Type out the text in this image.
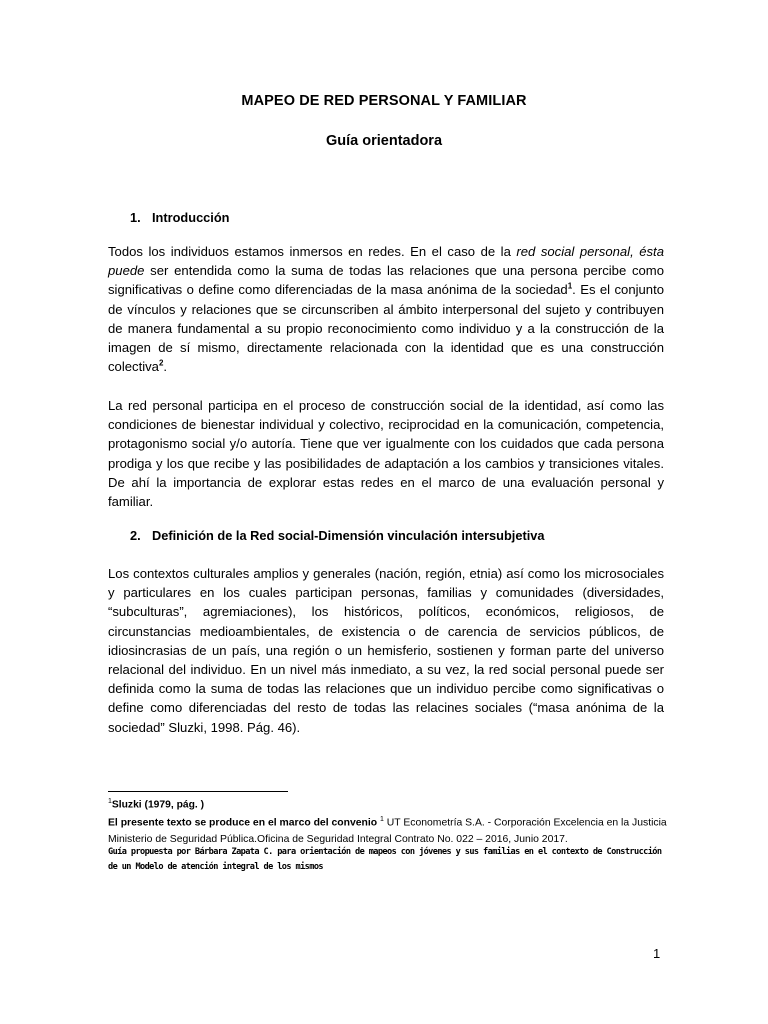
MAPEO DE RED PERSONAL Y FAMILIAR
Guía orientadora
1. Introducción

Todos los individuos estamos inmersos en redes. En el caso de la red social personal, ésta puede ser entendida como la suma de todas las relaciones que una persona percibe como significativas o define como diferenciadas de la masa anónima de la sociedad$^1$. Es el conjunto de vínculos y relaciones que se circunscriben al ámbito interpersonal del sujeto y contribuyen de manera fundamental a su propio reconocimiento como individuo y a la construcción de la imagen de sí mismo, directamente relacionada con la identidad que es una construcción colectiva$^2$.

La red personal participa en el proceso de construcción social de la identidad, así como las condiciones de bienestar individual y colectivo, reciprocidad en la comunicación, competencia, protagonismo social y/o autoría. Tiene que ver igualmente con los cuidados que cada persona prodiga y los que recibe y las posibilidades de adaptación a los cambios y transiciones vitales. De ahí la importancia de explorar estas redes en el marco de una evaluación personal y familiar.

2. Definición de la Red social-Dimensión vinculación intersubjetiva

Los contextos culturales amplios y generales (nación, región, etnia) así como los microsociales y particulares en los cuales participan personas, familias y comunidades (diversidades, “subculturas”, agremiaciones), los históricos, políticos, económicos, religiosos, de circunstancias medioambientales, de existencia o de carencia de servicios públicos, de idiosincrasias de un país, una región o un hemisferio, sostienen y forman parte del universo relacional del individuo. En un nivel más inmediato, a su vez, la red social personal puede ser definida como la suma de todas las relaciones que un individuo percibe como significativas o define como diferenciadas del resto de todas las relacines sociales (“masa anónima de la sociedad” Sluzki, 1998. Pág. 46).

$^1$Sluzki (1979, pág. )

El presente texto se produce en el marco del convenio $^1$ UT Econometría S.A. - Corporación Excelencia en la Justicia Ministerio de Seguridad Pública.Oficina de Seguridad Integral Contrato No. 022 – 2016, Junio 2017.

Guía propuesta por Bárbara Zapata C. para orientación de mapeos con jóvenes y sus familias en el contexto de Construcción de un Modelo de atención integral de los mismos

1
